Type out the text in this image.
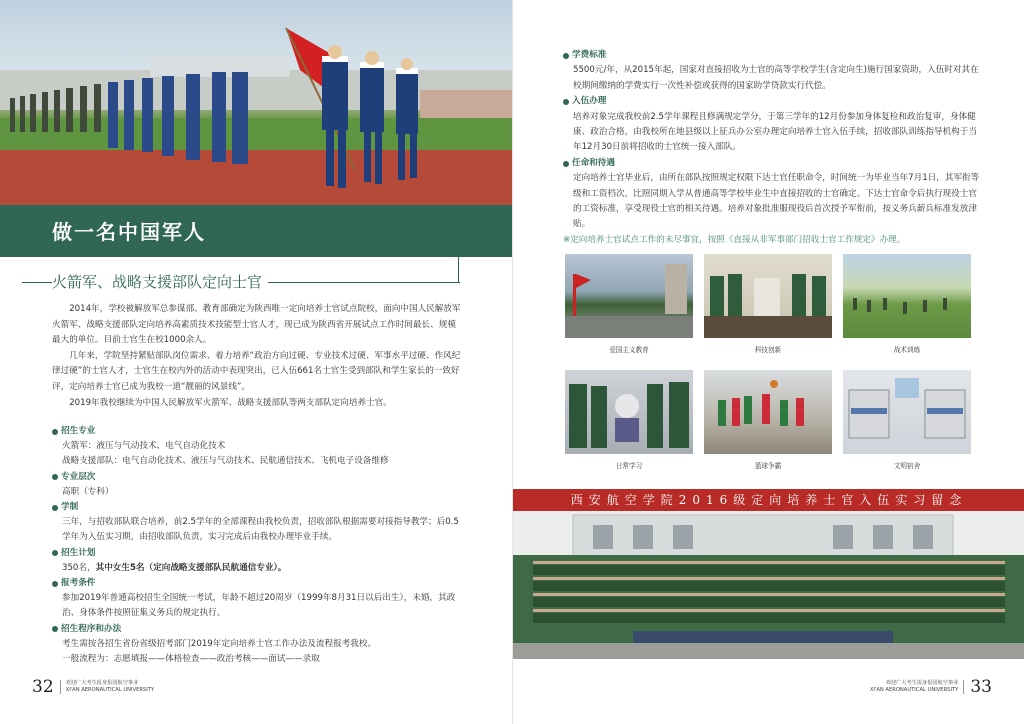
做一名中国军人
火箭军、战略支援部队定向士官

2014年，学校被解放军总参谋部、教育部确定为陕西唯一定向培养士官试点院校，面向中国人民解放军火箭军、战略支援部队定向培养高素质技术技能型士官人才，现已成为陕西省开展试点工作时间最长、规模最大的单位。目前士官生在校1000余人。

几年来，学院坚持紧贴部队岗位需求、着力培养“政治方向过硬、专业技术过硬、军事水平过硬、作风纪律过硬”的士官人才，士官生在校内外的活动中表现突出，已入伍661名士官生受到部队和学生家长的一致好评，定向培养士官已成为我校一道“靓丽的风景线”。

2019年我校继续为中国人民解放军火箭军、战略支援部队等两支部队定向培养士官。

招生专业
火箭军：液压与气动技术、电气自动化技术
战略支援部队：电气自动化技术、液压与气动技术、民航通信技术、飞机电子设备维修
专业层次
高职（专科）
学制
三年，与招收部队联合培养，前2.5学年的全部课程由我校负责，招收部队根据需要对接指导教学；后0.5学年为入伍实习期，由招收部队负责，实习完成后由我校办理毕业手续。
招生计划
350名，其中女生5名（定向战略支援部队民航通信专业）。
报考条件
参加2019年普通高校招生全国统一考试，年龄不超过20周岁（1999年8月31日以后出生），未婚，其政治、身体条件按照征集义务兵的规定执行。
招生程序和办法
考生需按各招生省份省级招考部门2019年定向培养士官工作办法及流程报考我校。
一般流程为：志愿填报——体格检查——政治考核——面试——录取
32 欢迎广大考生报身报国航空事业
XI'AN AERONAUTICAL UNIVERSITY
学费标准
5500元/年，从2015年起，国家对直接招收为士官的高等学校学生(含定向生)施行国家资助，入伍时对其在校期间缴纳的学费实行一次性补偿或获得的国家助学贷款实行代偿。
入伍办理
培养对象完成我校前2.5学年课程且修满规定学分，于第三学年的12月份参加身体复检和政治复审，身体健康、政治合格，由我校所在地县级以上征兵办公室办理定向培养士官入伍手续，招收部队训练指导机构于当年12月30日前将招收的士官统一接入部队。
任命和待遇
定向培养士官毕业后，由所在部队按照规定权限下达士官任职命令，时间统一为毕业当年7月1日，其军衔等级和工资档次，比照同期入学从普通高等学校毕业生中直接招收的士官确定。下达士官命令后执行现役士官的工资标准，享受现役士官的相关待遇。培养对象批准服现役后首次授予军衔前，按义务兵薪兵标准发放津贴。
※定向培养士官试点工作的未尽事宜，按照《直接从非军事部门招收士官工作规定》办理。
爱国主义教育	科技创新	战术训练
日常学习	篮球争霸	文明宿舍
西安航空学院2016级定向培养士官入伍实习留念
欢迎广大考生报身报国航空事业
XI'AN AERONAUTICAL UNIVERSITY 33
